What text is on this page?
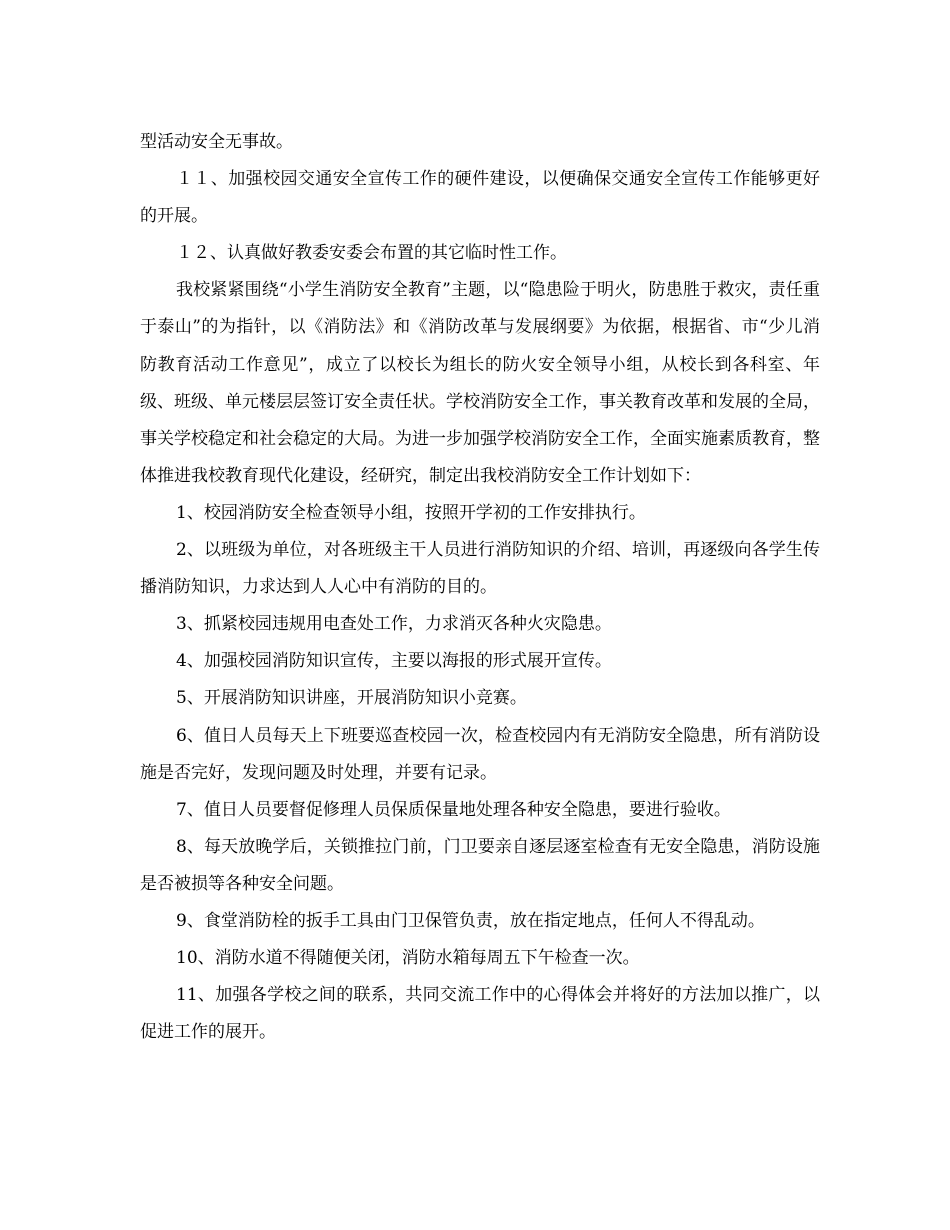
型活动安全无事故。

１１、加强校园交通安全宣传工作的硬件建设，以便确保交通安全宣传工作能够更好的开展。

１２、认真做好教委安委会布置的其它临时性工作。

我校紧紧围绕“小学生消防安全教育”主题，以“隐患险于明火，防患胜于救灾，责任重于泰山”的为指针，以《消防法》和《消防改革与发展纲要》为依据，根据省、市“少儿消防教育活动工作意见”，成立了以校长为组长的防火安全领导小组，从校长到各科室、年级、班级、单元楼层层签订安全责任状。学校消防安全工作，事关教育改革和发展的全局，事关学校稳定和社会稳定的大局。为进一步加强学校消防安全工作，全面实施素质教育，整体推进我校教育现代化建设，经研究，制定出我校消防安全工作计划如下：

1、校园消防安全检查领导小组，按照开学初的工作安排执行。

2、以班级为单位，对各班级主干人员进行消防知识的介绍、培训，再逐级向各学生传播消防知识，力求达到人人心中有消防的目的。

3、抓紧校园违规用电查处工作，力求消灭各种火灾隐患。

4、加强校园消防知识宣传，主要以海报的形式展开宣传。

5、开展消防知识讲座，开展消防知识小竞赛。

6、值日人员每天上下班要巡查校园一次，检查校园内有无消防安全隐患，所有消防设施是否完好，发现问题及时处理，并要有记录。

7、值日人员要督促修理人员保质保量地处理各种安全隐患，要进行验收。

8、每天放晚学后，关锁推拉门前，门卫要亲自逐层逐室检查有无安全隐患，消防设施是否被损等各种安全问题。

9、食堂消防栓的扳手工具由门卫保管负责，放在指定地点，任何人不得乱动。

10、消防水道不得随便关闭，消防水箱每周五下午检查一次。

11、加强各学校之间的联系，共同交流工作中的心得体会并将好的方法加以推广，以促进工作的展开。
